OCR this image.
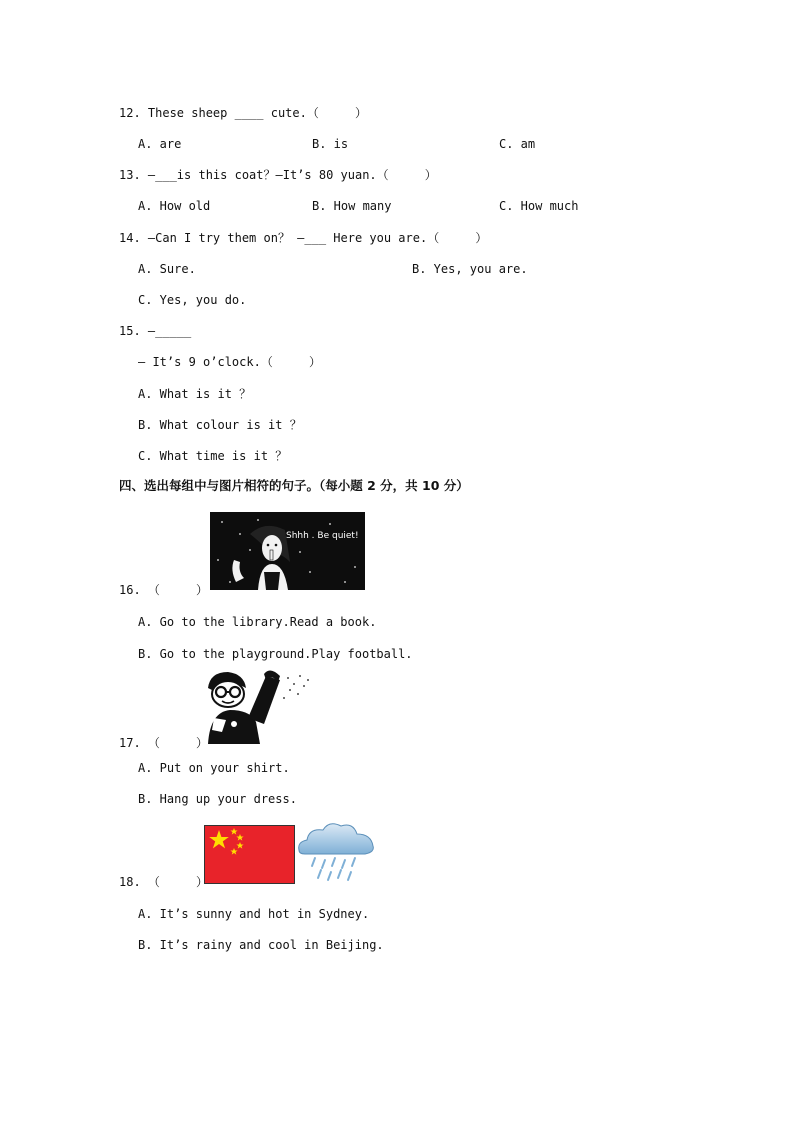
12. These sheep ____ cute.（     ）
A. are	B. is	C. am
13. —___is this coat？—It’s 80 yuan.（     ）
A. How old	B. How many	C. How much
14. —Can I try them on？ —___ Here you are.（     ）
A. Sure.	B. Yes, you are.
C. Yes, you do.
15. —_____
— It’s 9 o’clock.（     ）
A. What is it ？
B. What colour is it ？
C. What time is it ？
四、选出每组中与图片相符的句子。（每小题 2 分，共 10 分）
Shhh . Be quiet!
16. （     ）
A. Go to the library.Read a book.
B. Go to the playground.Play football.
17. （     ）
A. Put on your shirt.
B. Hang up your dress.
18. （     ）
A. It’s sunny and hot in Sydney.
B. It’s rainy and cool in Beijing.
